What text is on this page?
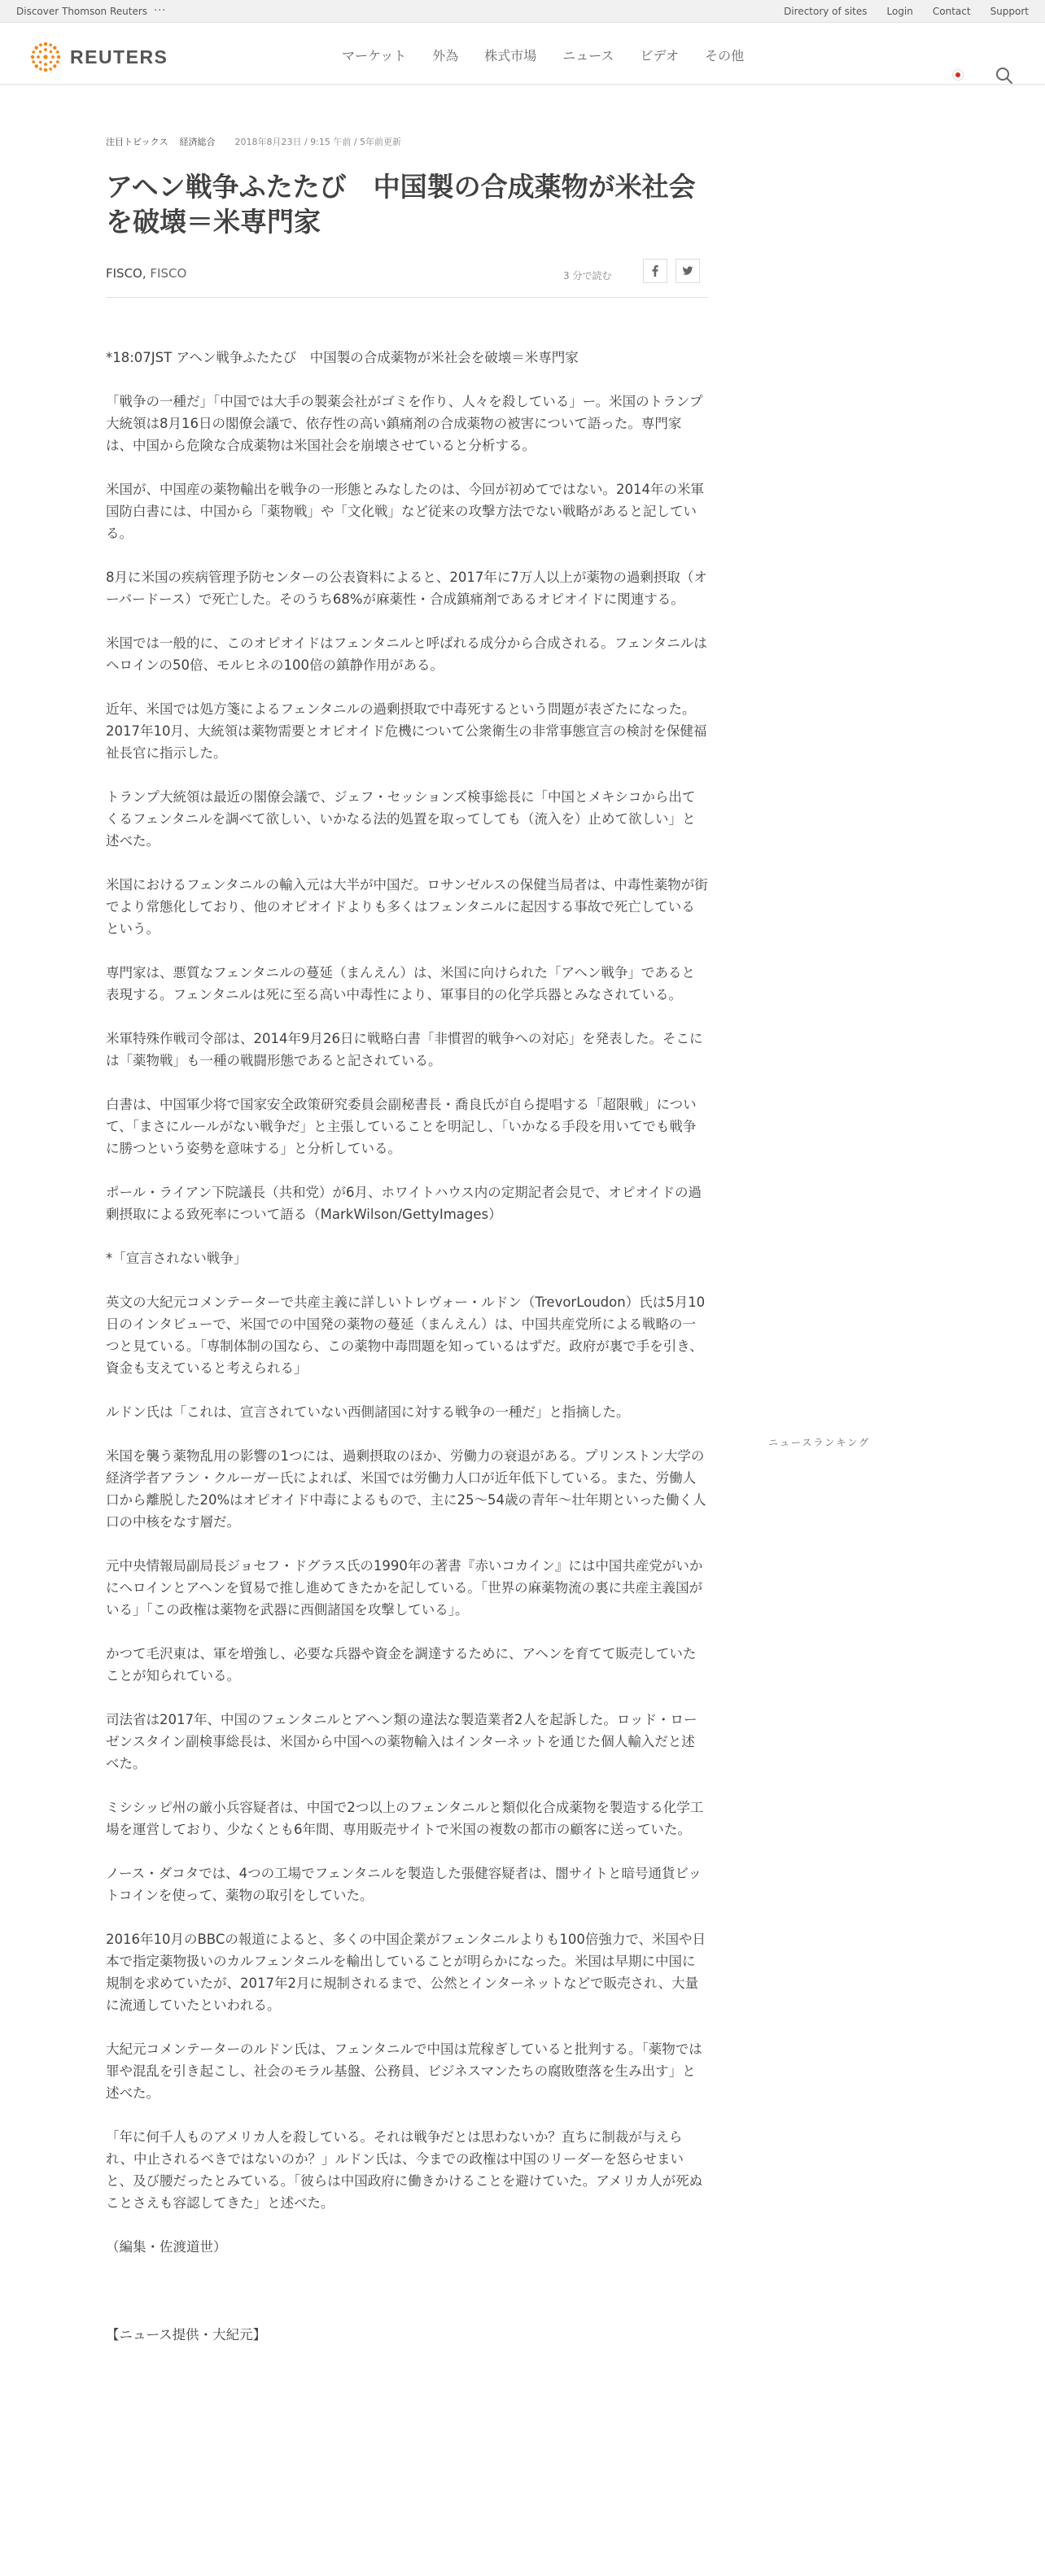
Discover Thomson Reuters ···	Directory of sites Login Contact Support
REUTERS	マーケット	外為	株式市場	ニュース	ビデオ	その他
注目トピックス 経済総合 2018年8月23日 / 9:15 午前 / 5年前更新
アヘン戦争ふたたび　中国製の合成薬物が米社会を破壊＝米専門家
FISCO, FISCO	3 分で読む

*18:07JST アヘン戦争ふたたび　中国製の合成薬物が米社会を破壊＝米専門家

「戦争の一種だ」「中国では大手の製薬会社がゴミを作り、人々を殺している」ー。米国のトランプ大統領は8月16日の閣僚会議で、依存性の高い鎮痛剤の合成薬物の被害について語った。専門家は、中国から危険な合成薬物は米国社会を崩壊させていると分析する。

米国が、中国産の薬物輸出を戦争の一形態とみなしたのは、今回が初めてではない。2014年の米軍国防白書には、中国から「薬物戦」や「文化戦」など従来の攻撃方法でない戦略があると記している。

8月に米国の疾病管理予防センターの公表資料によると、2017年に7万人以上が薬物の過剰摂取（オーバードース）で死亡した。そのうち68%が麻薬性・合成鎮痛剤であるオピオイドに関連する。

米国では一般的に、このオピオイドはフェンタニルと呼ばれる成分から合成される。フェンタニルはヘロインの50倍、モルヒネの100倍の鎮静作用がある。

近年、米国では処方箋によるフェンタニルの過剰摂取で中毒死するという問題が表ざたになった。2017年10月、大統領は薬物需要とオピオイド危機について公衆衛生の非常事態宣言の検討を保健福祉長官に指示した。

トランプ大統領は最近の閣僚会議で、ジェフ・セッションズ検事総長に「中国とメキシコから出てくるフェンタニルを調べて欲しい、いかなる法的処置を取ってしても（流入を）止めて欲しい」と述べた。

米国におけるフェンタニルの輸入元は大半が中国だ。ロサンゼルスの保健当局者は、中毒性薬物が街でより常態化しており、他のオピオイドよりも多くはフェンタニルに起因する事故で死亡しているという。

専門家は、悪質なフェンタニルの蔓延（まんえん）は、米国に向けられた「アヘン戦争」であると表現する。フェンタニルは死に至る高い中毒性により、軍事目的の化学兵器とみなされている。

米軍特殊作戦司令部は、2014年9月26日に戦略白書「非慣習的戦争への対応」を発表した。そこには「薬物戦」も一種の戦闘形態であると記されている。

白書は、中国軍少将で国家安全政策研究委員会副秘書長・喬良氏が自ら提唱する「超限戦」について、「まさにルールがない戦争だ」と主張していることを明記し、「いかなる手段を用いてでも戦争に勝つという姿勢を意味する」と分析している。

ポール・ライアン下院議長（共和党）が6月、ホワイトハウス内の定期記者会見で、オピオイドの過剰摂取による致死率について語る（MarkWilson/GettyImages）

*「宣言されない戦争」

英文の大紀元コメンテーターで共産主義に詳しいトレヴォー・ルドン（TrevorLoudon）氏は5月10日のインタビューで、米国での中国発の薬物の蔓延（まんえん）は、中国共産党所による戦略の一つと見ている。「専制体制の国なら、この薬物中毒問題を知っているはずだ。政府が裏で手を引き、資金も支えていると考えられる」

ルドン氏は「これは、宣言されていない西側諸国に対する戦争の一種だ」と指摘した。

米国を襲う薬物乱用の影響の1つには、過剰摂取のほか、労働力の衰退がある。プリンストン大学の経済学者アラン・クルーガー氏によれば、米国では労働力人口が近年低下している。また、労働人口から離脱した20%はオピオイド中毒によるもので、主に25〜54歳の青年〜壮年期といった働く人口の中核をなす層だ。

元中央情報局副局長ジョセフ・ドグラス氏の1990年の著書『赤いコカイン』には中国共産党がいかにヘロインとアヘンを貿易で推し進めてきたかを記している。「世界の麻薬物流の裏に共産主義国がいる」「この政権は薬物を武器に西側諸国を攻撃している」。

かつて毛沢東は、軍を増強し、必要な兵器や資金を調達するために、アヘンを育てて販売していたことが知られている。

司法省は2017年、中国のフェンタニルとアヘン類の違法な製造業者2人を起訴した。ロッド・ローゼンスタイン副検事総長は、米国から中国への薬物輸入はインターネットを通じた個人輸入だと述べた。

ミシシッピ州の厳小兵容疑者は、中国で2つ以上のフェンタニルと類似化合成薬物を製造する化学工場を運営しており、少なくとも6年間、専用販売サイトで米国の複数の都市の顧客に送っていた。

ノース・ダコタでは、4つの工場でフェンタニルを製造した張健容疑者は、闇サイトと暗号通貨ビットコインを使って、薬物の取引をしていた。

2016年10月のBBCの報道によると、多くの中国企業がフェンタニルよりも100倍強力で、米国や日本で指定薬物扱いのカルフェンタニルを輸出していることが明らかになった。米国は早期に中国に規制を求めていたが、2017年2月に規制されるまで、公然とインターネットなどで販売され、大量に流通していたといわれる。

大紀元コメンテーターのルドン氏は、フェンタニルで中国は荒稼ぎしていると批判する。「薬物では罪や混乱を引き起こし、社会のモラル基盤、公務員、ビジネスマンたちの腐敗堕落を生み出す」と述べた。

「年に何千人ものアメリカ人を殺している。それは戦争だとは思わないか？直ちに制裁が与えられ、中止されるべきではないのか？」ルドン氏は、今までの政権は中国のリーダーを怒らせまいと、及び腰だったとみている。「彼らは中国政府に働きかけることを避けていた。アメリカ人が死ぬことさえも容認してきた」と述べた。

（編集・佐渡道世）

【ニュース提供・大紀元】

ニュースランキング
